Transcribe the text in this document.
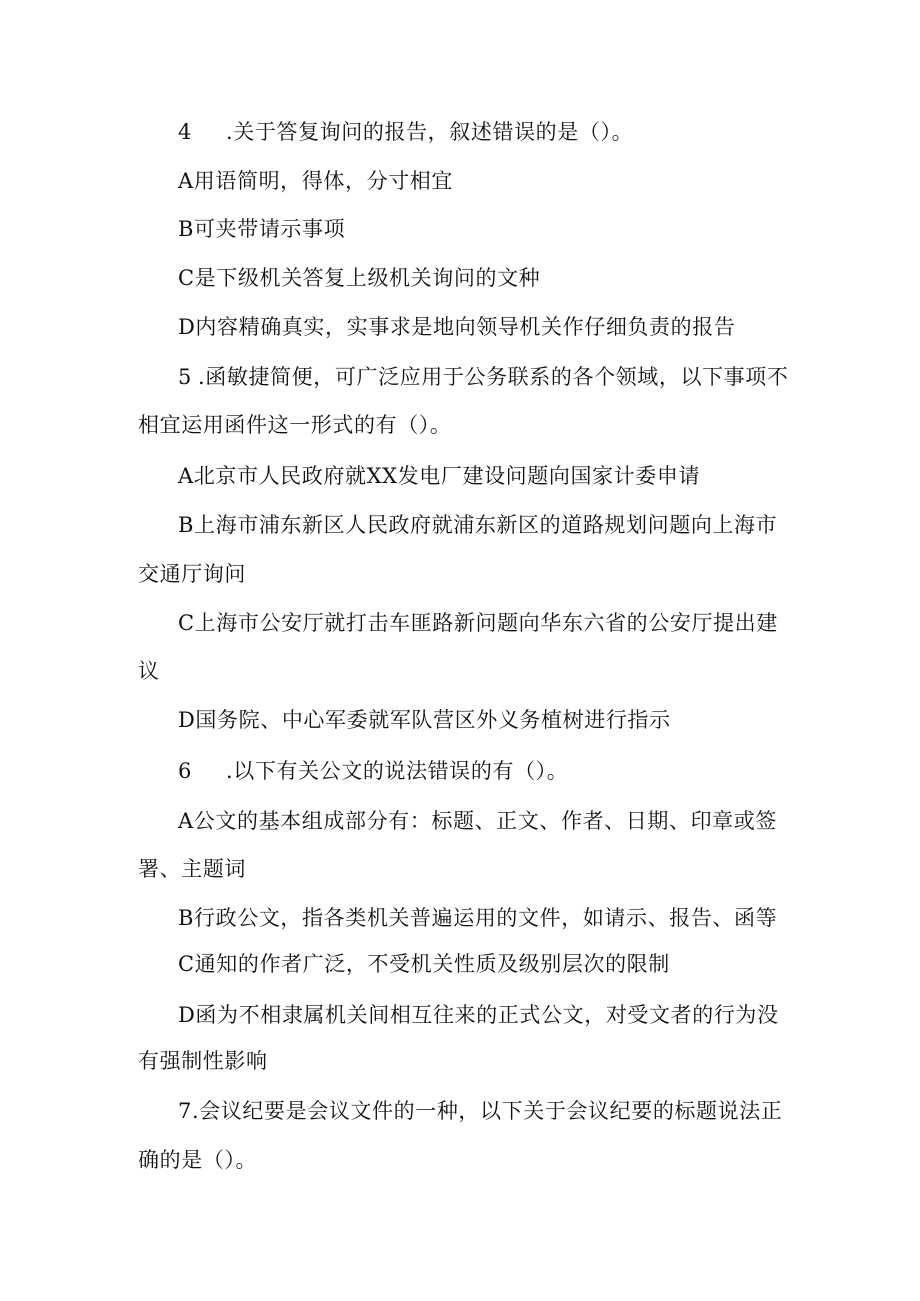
4 .关于答复询问的报告，叙述错误的是（）。
A用语简明，得体，分寸相宜
B可夹带请示事项
C是下级机关答复上级机关询问的文种
D内容精确真实，实事求是地向领导机关作仔细负责的报告
5 .函敏捷简便，可广泛应用于公务联系的各个领域，以下事项不
相宜运用函件这一形式的有（）。
A北京市人民政府就XX发电厂建设问题向国家计委申请
B上海市浦东新区人民政府就浦东新区的道路规划问题向上海市
交通厅询问
C上海市公安厅就打击车匪路新问题向华东六省的公安厅提出建
议
D国务院、中心军委就军队营区外义务植树进行指示
6 .以下有关公文的说法错误的有（）。
A公文的基本组成部分有：标题、正文、作者、日期、印章或签
署、主题词
B行政公文，指各类机关普遍运用的文件，如请示、报告、函等
C通知的作者广泛，不受机关性质及级别层次的限制
D函为不相隶属机关间相互往来的正式公文，对受文者的行为没
有强制性影响
7.会议纪要是会议文件的一种，以下关于会议纪要的标题说法正
确的是（）。
